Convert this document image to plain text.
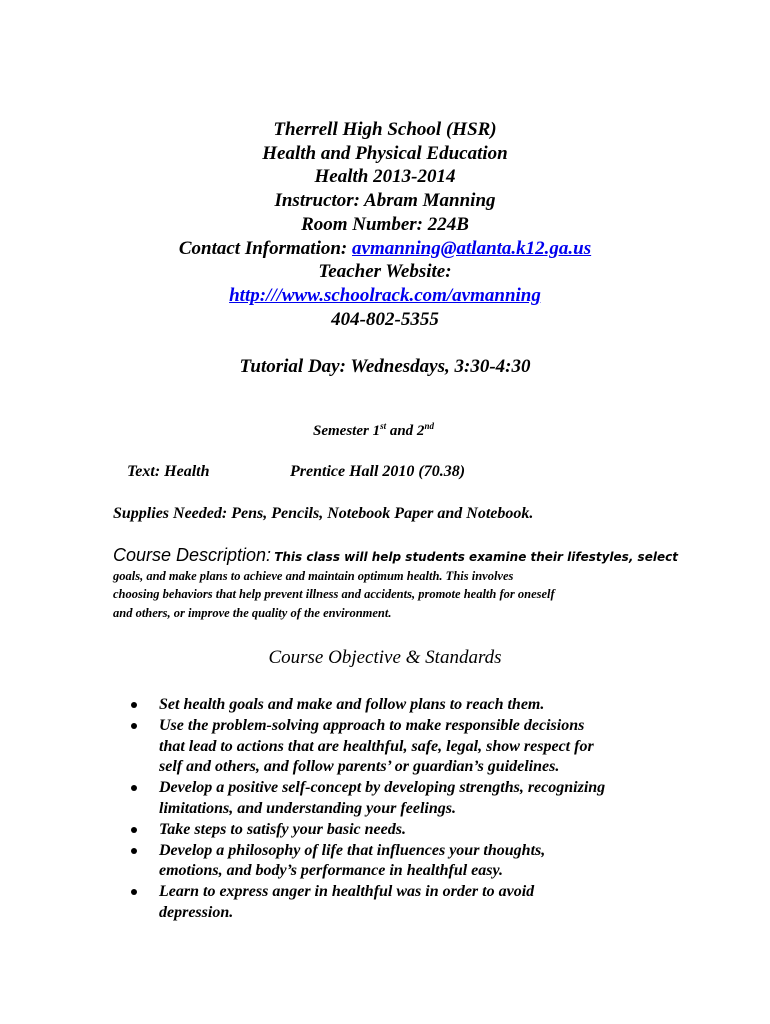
Therrell High School (HSR)
Health and Physical Education
Health 2013-2014
Instructor: Abram Manning
Room Number: 224B
Contact Information: avmanning@atlanta.k12.ga.us
Teacher Website:
http:///www.schoolrack.com/avmanning
404-802-5355
Tutorial Day: Wednesdays, 3:30-4:30
Semester 1st and 2nd
Text: Health	Prentice Hall 2010 (70.38)
Supplies Needed: Pens, Pencils, Notebook Paper and Notebook.
Course Description: This class will help students examine their lifestyles, select
goals, and make plans to achieve and maintain optimum health. This involves
choosing behaviors that help prevent illness and accidents, promote health for oneself
and others, or improve the quality of the environment.
Course Objective & Standards
Set health goals and make and follow plans to reach them.
Use the problem-solving approach to make responsible decisions
that lead to actions that are healthful, safe, legal, show respect for
self and others, and follow parents’ or guardian’s guidelines.
Develop a positive self-concept by developing strengths, recognizing
limitations, and understanding your feelings.
Take steps to satisfy your basic needs.
Develop a philosophy of life that influences your thoughts,
emotions, and body’s performance in healthful easy.
Learn to express anger in healthful was in order to avoid
depression.
